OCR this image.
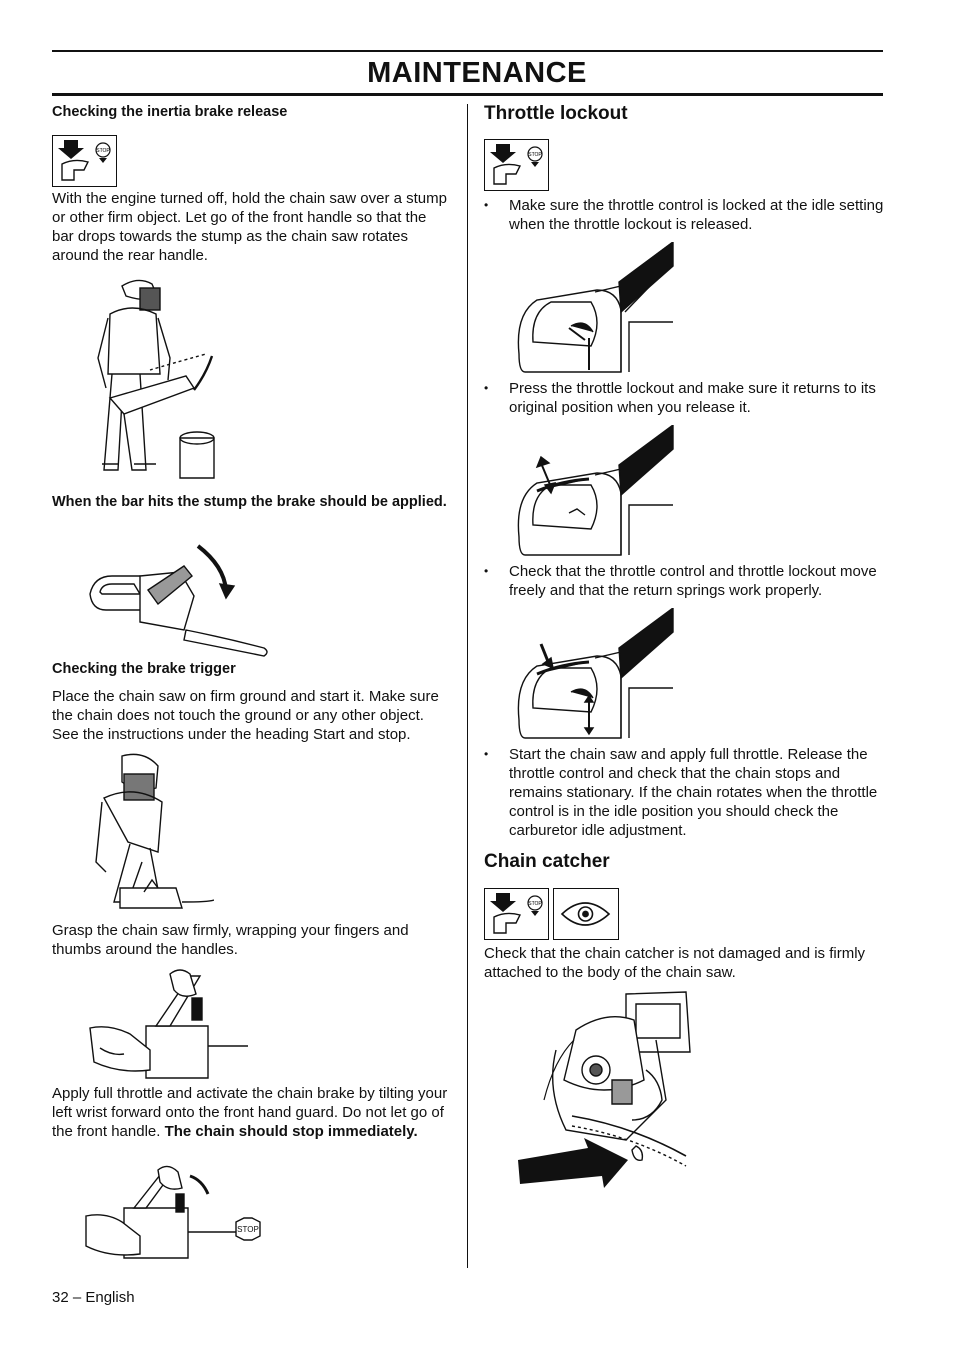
MAINTENANCE
Checking the inertia brake release
STOP
With the engine turned off, hold the chain saw over a stump or other firm object. Let go of the front handle so that the bar drops towards the stump as the chain saw rotates around the rear handle.
When the bar hits the stump the brake should be applied.
Checking the brake trigger
Place the chain saw on firm ground and start it. Make sure the chain does not touch the ground or any other object. See the instructions under the heading Start and stop.
Grasp the chain saw firmly, wrapping your fingers and thumbs around the handles.
Apply full throttle and activate the chain brake by tilting your left wrist forward onto the front hand guard. Do not let go of the front handle. The chain should stop immediately.
STOP
32 – English
Throttle lockout
STOP
• Make sure the throttle control is locked at the idle setting when the throttle lockout is released.
• Press the throttle lockout and make sure it returns to its original position when you release it.
• Check that the throttle control and throttle lockout move freely and that the return springs work properly.
• Start the chain saw and apply full throttle. Release the throttle control and check that the chain stops and remains stationary. If the chain rotates when the throttle control is in the idle position you should check the carburetor idle adjustment.
Chain catcher
STOP
Check that the chain catcher is not damaged and is firmly attached to the body of the chain saw.
